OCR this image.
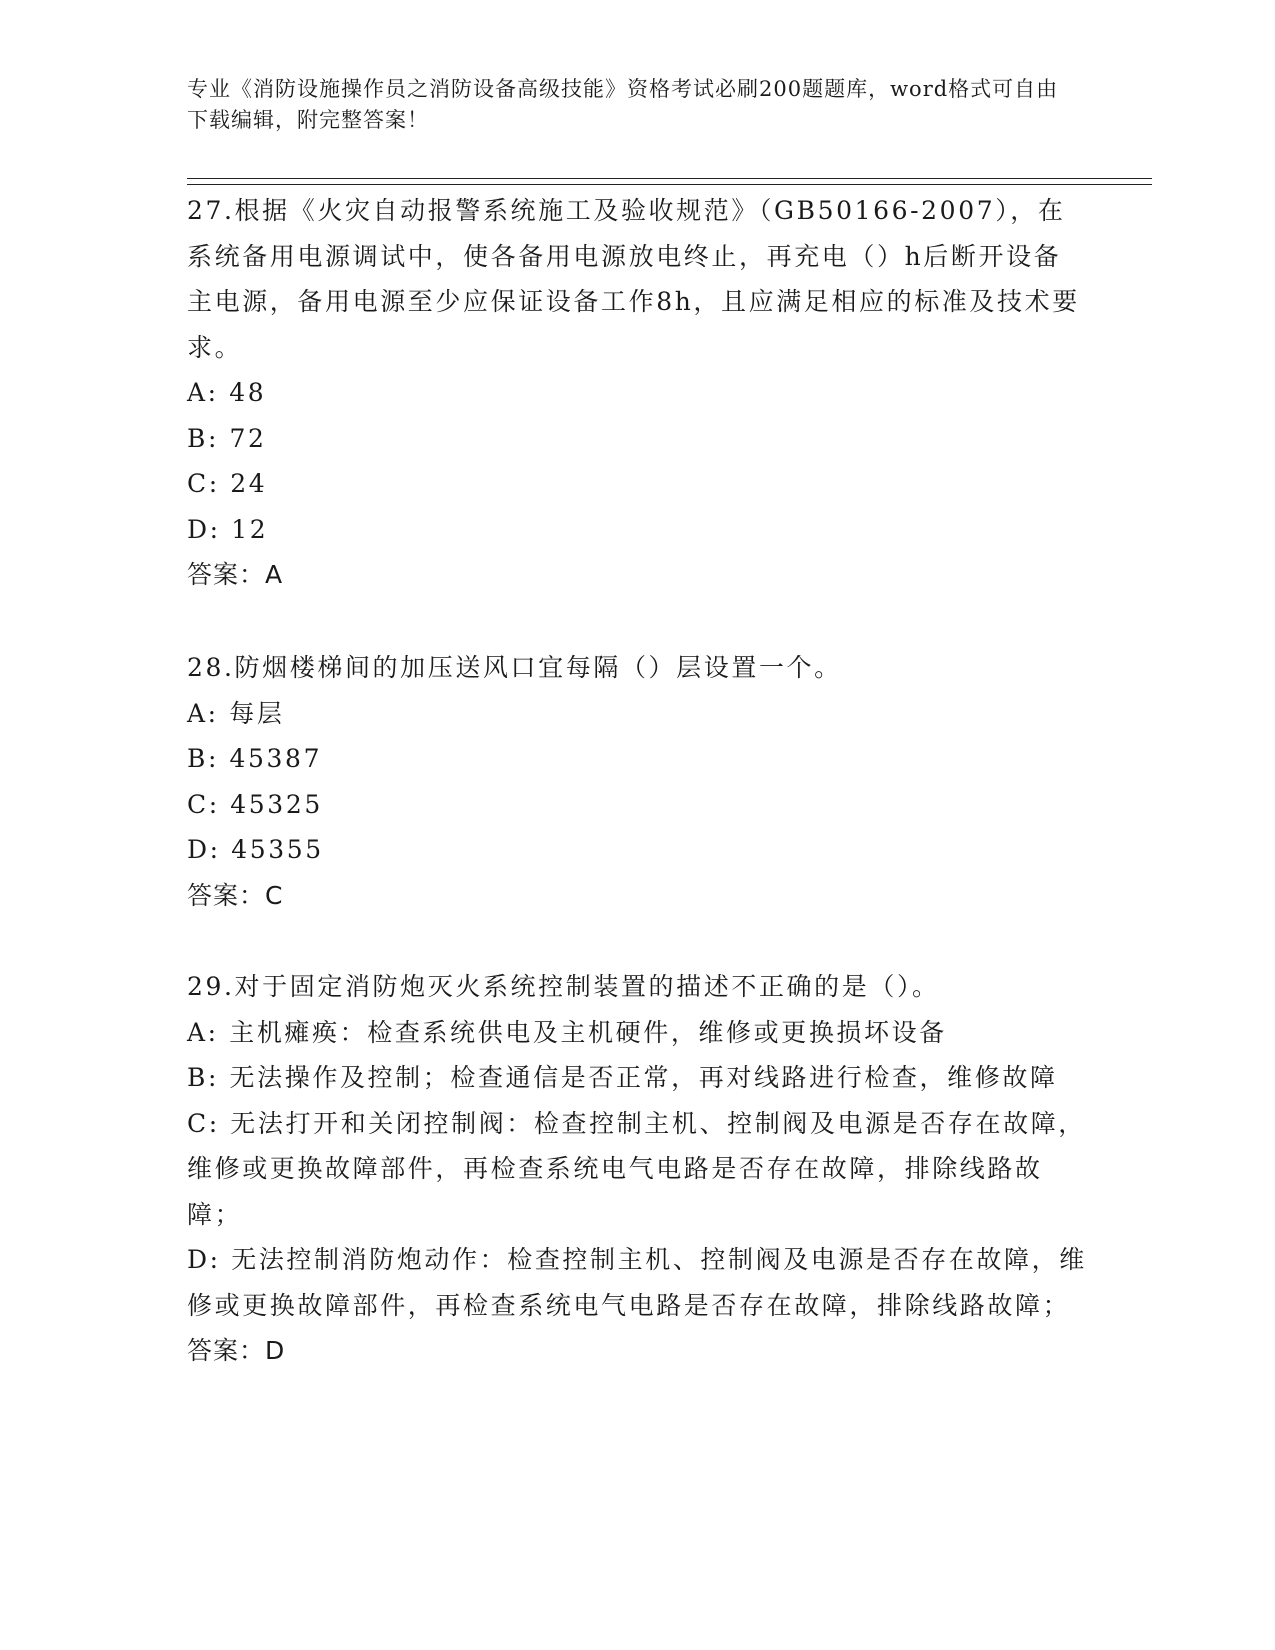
专业《消防设施操作员之消防设备高级技能》资格考试必刷200题题库，word格式可自由下载编辑，附完整答案！

27.根据《火灾自动报警系统施工及验收规范》（GB50166-2007），在系统备用电源调试中，使各备用电源放电终止，再充电（）h后断开设备主电源，备用电源至少应保证设备工作8h，且应满足相应的标准及技术要求。

A: 48

B: 72

C: 24

D: 12

答案：A

28.防烟楼梯间的加压送风口宜每隔（）层设置一个。

A: 每层

B: 45387

C: 45325

D: 45355

答案：C

29.对于固定消防炮灭火系统控制装置的描述不正确的是（）。

A: 主机瘫痪：检查系统供电及主机硬件，维修或更换损坏设备

B: 无法操作及控制；检查通信是否正常，再对线路进行检查，维修故障

C: 无法打开和关闭控制阀：检查控制主机、控制阀及电源是否存在故障，维修或更换故障部件，再检查系统电气电路是否存在故障，排除线路故障；

D: 无法控制消防炮动作：检查控制主机、控制阀及电源是否存在故障，维修或更换故障部件，再检查系统电气电路是否存在故障，排除线路故障；

答案：D
